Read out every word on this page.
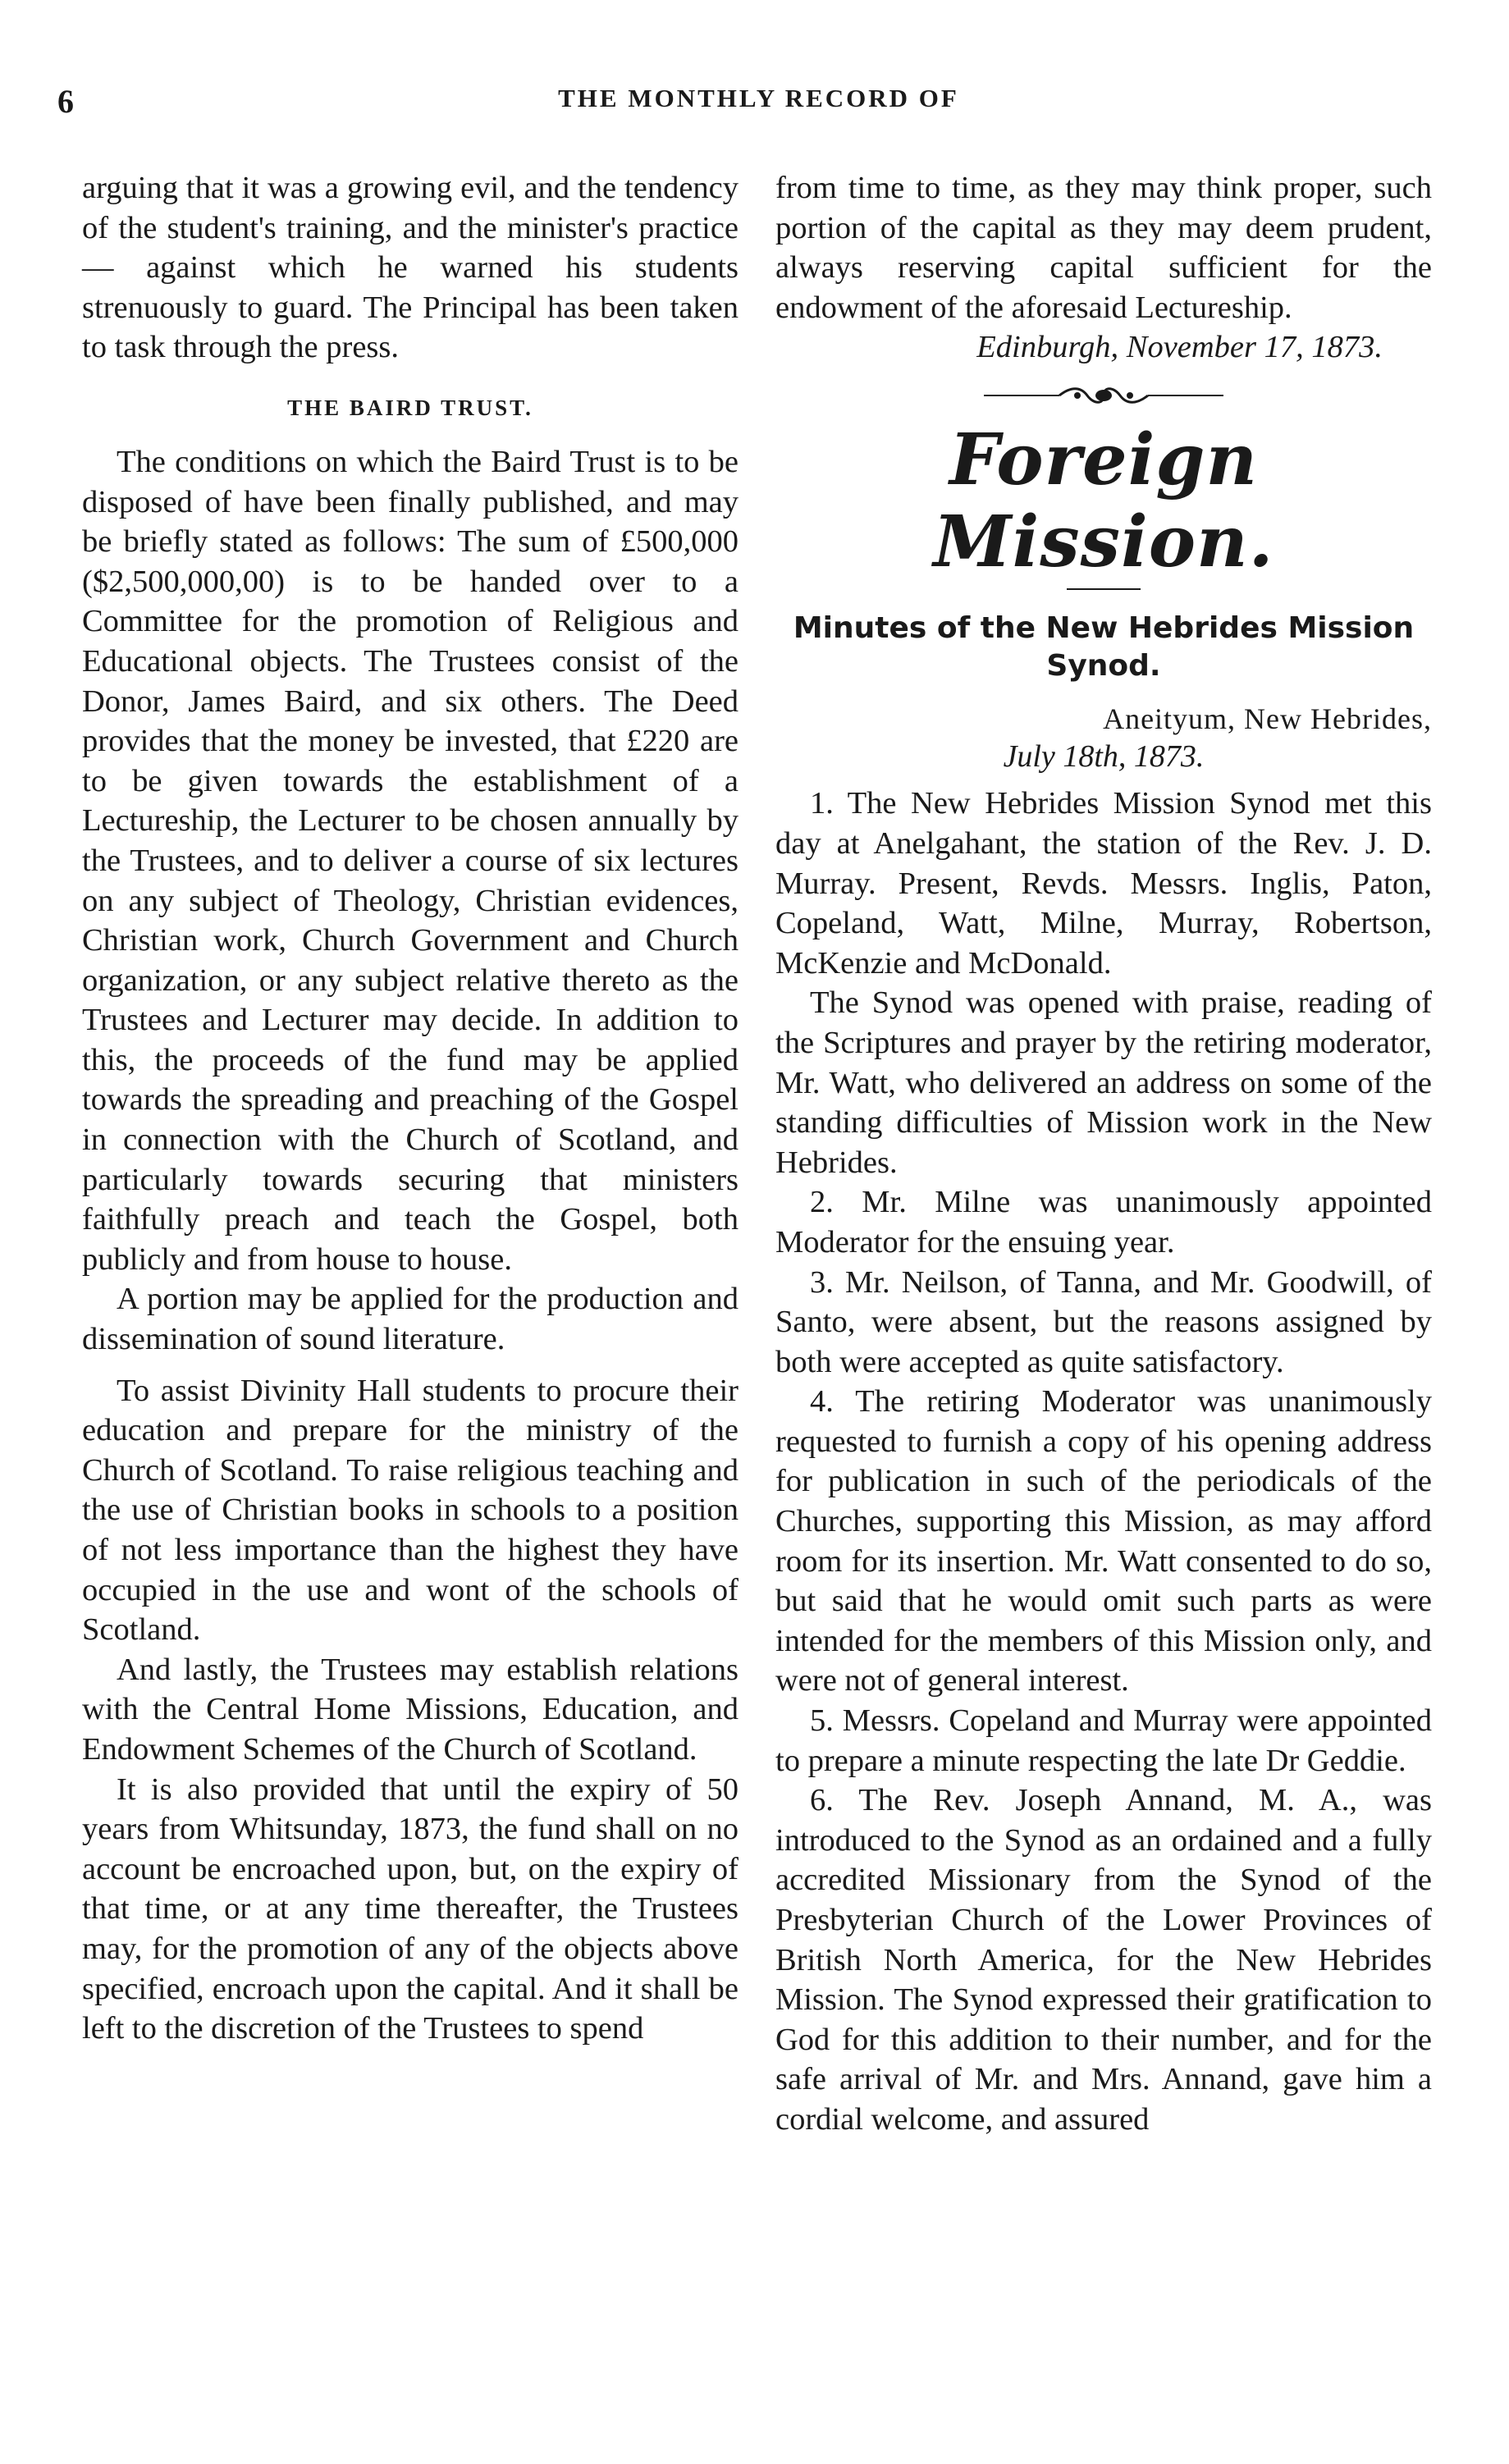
6	THE MONTHLY RECORD OF

arguing that it was a growing evil, and the tendency of the student's training, and the minister's practice — against which he warned his students strenuously to guard. The Principal has been taken to task through the press.

THE BAIRD TRUST.

The conditions on which the Baird Trust is to be disposed of have been finally published, and may be briefly stated as follows: The sum of £500,000 ($2,500,000,00) is to be handed over to a Committee for the promotion of Religious and Educational objects. The Trustees consist of the Donor, James Baird, and six others. The Deed provides that the money be invested, that £220 are to be given towards the establishment of a Lectureship, the Lecturer to be chosen annually by the Trustees, and to deliver a course of six lectures on any subject of Theology, Christian evidences, Christian work, Church Government and Church organization, or any subject relative thereto as the Trustees and Lecturer may decide. In addition to this, the proceeds of the fund may be applied towards the spreading and preaching of the Gospel in connection with the Church of Scotland, and particularly towards securing that ministers faithfully preach and teach the Gospel, both publicly and from house to house.

A portion may be applied for the production and dissemination of sound literature.

To assist Divinity Hall students to procure their education and prepare for the ministry of the Church of Scotland. To raise religious teaching and the use of Christian books in schools to a position of not less importance than the highest they have occupied in the use and wont of the schools of Scotland.

And lastly, the Trustees may establish relations with the Central Home Missions, Education, and Endowment Schemes of the Church of Scotland.

It is also provided that until the expiry of 50 years from Whitsunday, 1873, the fund shall on no account be encroached upon, but, on the expiry of that time, or at any time thereafter, the Trustees may, for the promotion of any of the objects above specified, encroach upon the capital. And it shall be left to the discretion of the Trustees to spend

from time to time, as they may think proper, such portion of the capital as they may deem prudent, always reserving capital sufficient for the endowment of the aforesaid Lectureship.

Edinburgh, November 17, 1873.
Foreign Mission.
Minutes of the New Hebrides Mission Synod.
Aneityum, New Hebrides,
July 18th, 1873.

1. The New Hebrides Mission Synod met this day at Anelgahant, the station of the Rev. J. D. Murray. Present, Revds. Messrs. Inglis, Paton, Copeland, Watt, Milne, Murray, Robertson, McKenzie and McDonald.

The Synod was opened with praise, reading of the Scriptures and prayer by the retiring moderator, Mr. Watt, who delivered an address on some of the standing difficulties of Mission work in the New Hebrides.

2. Mr. Milne was unanimously appointed Moderator for the ensuing year.

3. Mr. Neilson, of Tanna, and Mr. Goodwill, of Santo, were absent, but the reasons assigned by both were accepted as quite satisfactory.

4. The retiring Moderator was unanimously requested to furnish a copy of his opening address for publication in such of the periodicals of the Churches, supporting this Mission, as may afford room for its insertion. Mr. Watt consented to do so, but said that he would omit such parts as were intended for the members of this Mission only, and were not of general interest.

5. Messrs. Copeland and Murray were appointed to prepare a minute respecting the late Dr Geddie.

6. The Rev. Joseph Annand, M. A., was introduced to the Synod as an ordained and a fully accredited Missionary from the Synod of the Presbyterian Church of the Lower Provinces of British North America, for the New Hebrides Mission. The Synod expressed their gratification to God for this addition to their number, and for the safe arrival of Mr. and Mrs. Annand, gave him a cordial welcome, and assured
